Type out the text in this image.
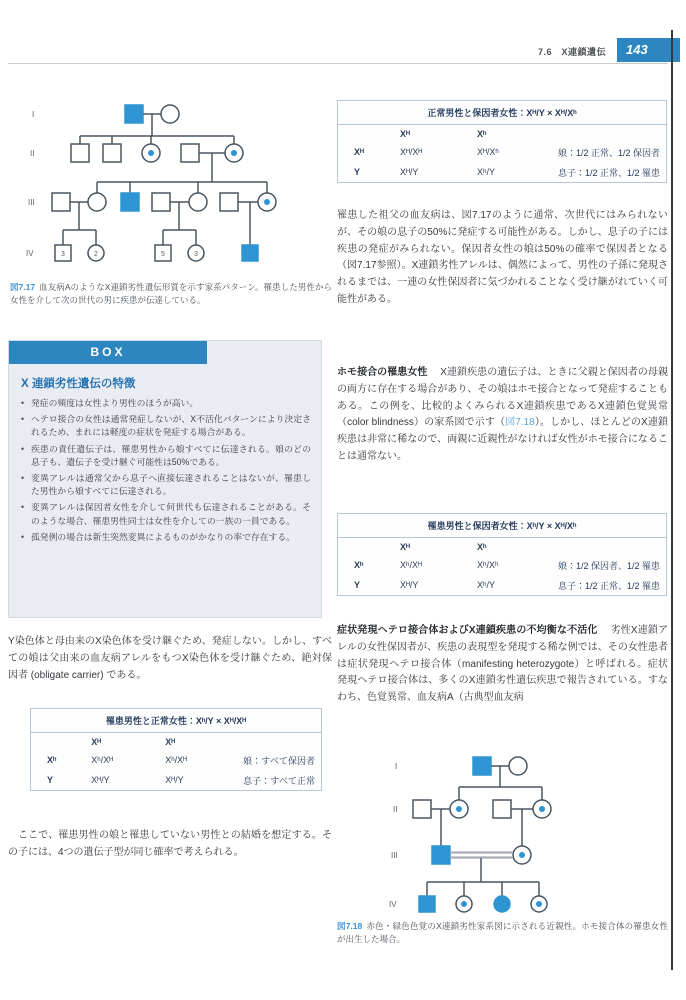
7.6　X連鎖遺伝	143
I
II
III
IV	3	2	5	3
図7.17 血友病AのようなX連鎖劣性遺伝形質を示す家系パターン。罹患した男性から女性を介して次の世代の男に疾患が伝達している。
BOX
X 連鎖劣性遺伝の特徴
• 発症の頻度は女性より男性のほうが高い。
• ヘテロ接合の女性は通常発症しないが、X不活化パターンにより決定されるため、まれには軽度の症状を発症する場合がある。
• 疾患の責任遺伝子は、罹患男性から娘すべてに伝達される。娘のどの息子も、遺伝子を受け継ぐ可能性は50%である。
• 変異アレルは通常父から息子へ直接伝達されることはないが、罹患した男性から娘すべてに伝達される。
• 変異アレルは保因者女性を介して何世代も伝達されることがある。そのような場合、罹患男性同士は女性を介しての一族の一員である。
• 孤発例の場合は新生突然変異によるものがかなりの率で存在する。

Y染色体と母由来のX染色体を受け継ぐため、発症しない。しかし、すべての娘は父由来の血友病アレルをもつX染色体を受け継ぐため、絶対保因者 (obligate carrier) である。

罹患男性と正常女性：Xʰ/Y × Xᴴ/Xᴴ
	Xᴴ	Xᴴ	
Xʰ	Xʰ/Xᴴ	Xʰ/Xᴴ	娘：すべて保因者
Y	Xᴴ/Y	Xᴴ/Y	息子：すべて正常

ここで、罹患男性の娘と罹患していない男性との結婚を想定する。その子には、4つの遺伝子型が同じ確率で考えられる。

正常男性と保因者女性：Xᴴ/Y × Xᴴ/Xʰ
	Xᴴ	Xʰ	
Xᴴ	Xᴴ/Xᴴ	Xᴴ/Xʰ	娘：1/2 正常、1/2 保因者
Y	Xᴴ/Y	Xʰ/Y	息子：1/2 正常、1/2 罹患

罹患した祖父の血友病は、図7.17のように通常、次世代にはみられないが、その娘の息子の50%に発症する可能性がある。しかし、息子の子には疾患の発症がみられない。保因者女性の娘は50%の確率で保因者となる（図7.17参照）。X連鎖劣性アレルは、偶然によって、男性の子孫に発現されるまでは、一連の女性保因者に気づかれることなく受け継がれていく可能性がある。

ホモ接合の罹患女性 　X連鎖疾患の遺伝子は、ときに父親と保因者の母親の両方に存在する場合があり、その娘はホモ接合となって発症することもある。この例を、比較的よくみられるX連鎖疾患であるX連鎖色覚異常（color blindness）の家系図で示す（図7.18）。しかし、ほとんどのX連鎖疾患は非常に稀なので、両親に近親性がなければ女性がホモ接合になることは通常ない。

罹患男性と保因者女性：Xʰ/Y × Xᴴ/Xʰ
	Xᴴ	Xʰ	
Xʰ	Xʰ/Xᴴ	Xʰ/Xʰ	娘：1/2 保因者、1/2 罹患
Y	Xᴴ/Y	Xʰ/Y	息子：1/2 正常、1/2 罹患

症状発現ヘテロ接合体およびX連鎖疾患の不均衡な不活化 　劣性X連鎖アレルの女性保因者が、疾患の表現型を発現する稀な例では、その女性患者は症状発現ヘテロ接合体（manifesting heterozygote）と呼ばれる。症状発現ヘテロ接合体は、多くのX連鎖劣性遺伝疾患で報告されている。すなわち、色覚異常、血友病A（古典型血友病

I
II
III
IV
図7.18 赤色・緑色色覚のX連鎖劣性家系図に示される近親性。ホモ接合体の罹患女性が出生した場合。
